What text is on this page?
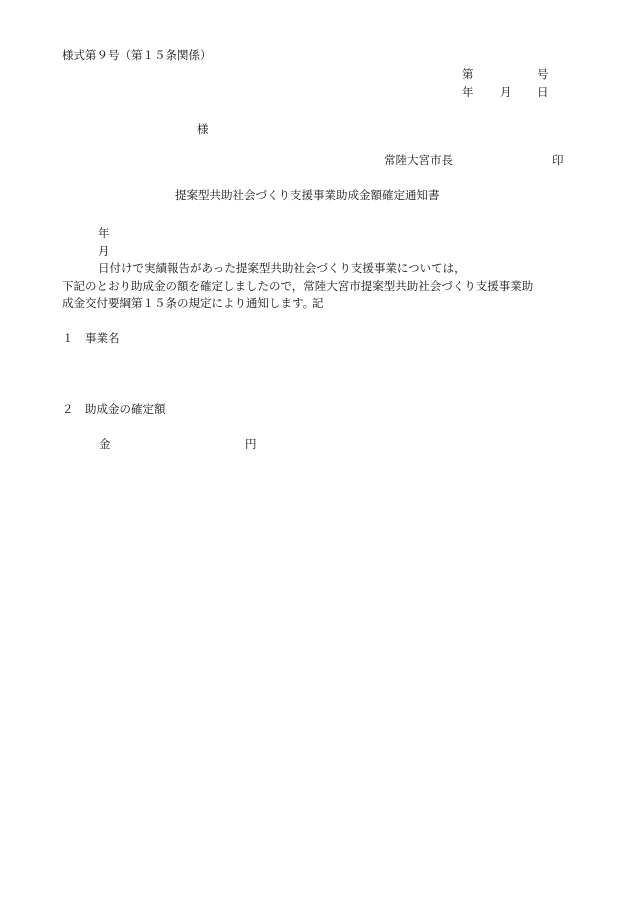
様式第９号（第１５条関係）
第	号
年 月 日
様
常陸大宮市長	印
提案型共助社会づくり支援事業助成金額確定通知書
年
月
日付けで実績報告があった提案型共助社会づくり支援事業については，
下記のとおり助成金の額を確定しましたので，常陸大宮市提案型共助社会づくり支援事業助
成金交付要綱第１５条の規定により通知します。
記
１　事業名
２　助成金の確定額
金	円
